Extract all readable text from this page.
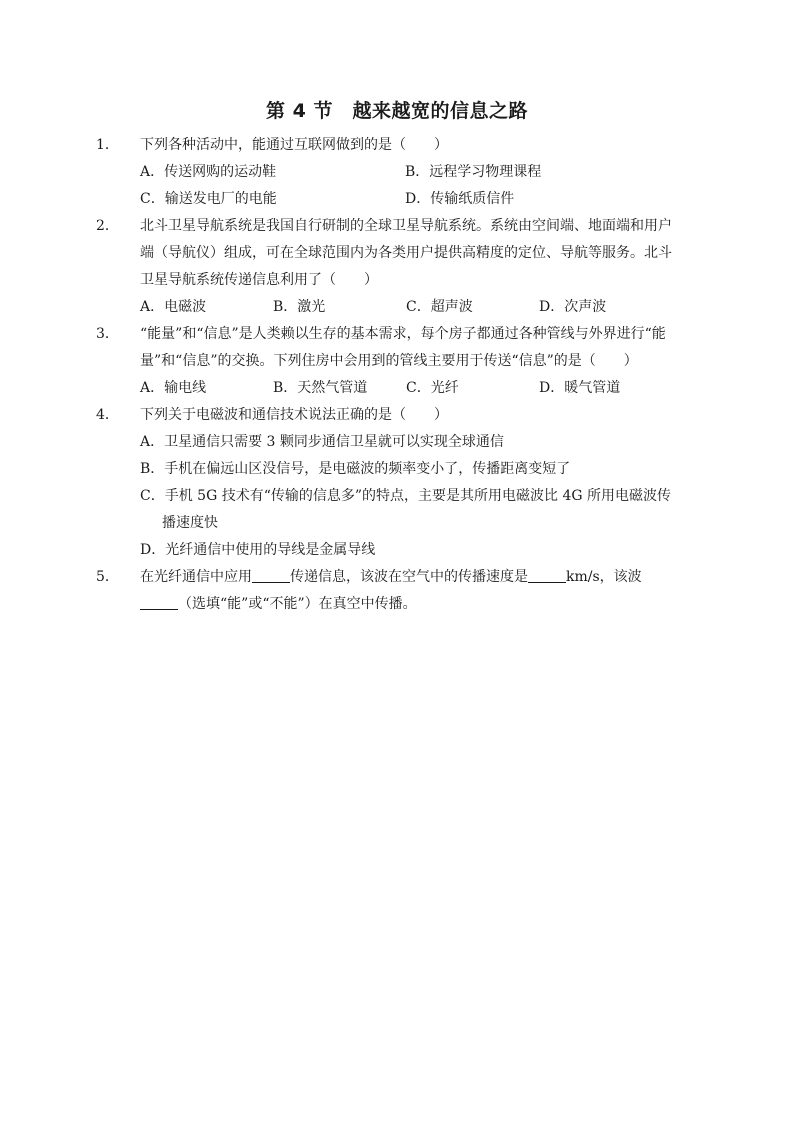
第 4 节　越来越宽的信息之路
1． 下列各种活动中，能通过互联网做到的是（　　）
A．传送网购的运动鞋	B．远程学习物理课程
C．输送发电厂的电能	D．传输纸质信件
2． 北斗卫星导航系统是我国自行研制的全球卫星导航系统。系统由空间端、地面端和用户端（导航仪）组成，可在全球范围内为各类用户提供高精度的定位、导航等服务。北斗卫星导航系统传递信息利用了（　　）
A．电磁波	B．激光	C．超声波	D．次声波
3． “能量”和“信息”是人类赖以生存的基本需求，每个房子都通过各种管线与外界进行“能量”和“信息”的交换。下列住房中会用到的管线主要用于传送“信息”的是（　　）
A．输电线	B．天然气管道	C．光纤	D．暖气管道
4． 下列关于电磁波和通信技术说法正确的是（　　）
A．卫星通信只需要 3 颗同步通信卫星就可以实现全球通信
B．手机在偏远山区没信号，是电磁波的频率变小了，传播距离变短了
C．手机 5G 技术有“传输的信息多”的特点，主要是其所用电磁波比 4G 所用电磁波传播速度快
D．光纤通信中使用的导线是金属导线
5． 在光纤通信中应用	传递信息，该波在空气中的传播速度是	km/s，该波（选填“能”或“不能”）在真空中传播。
